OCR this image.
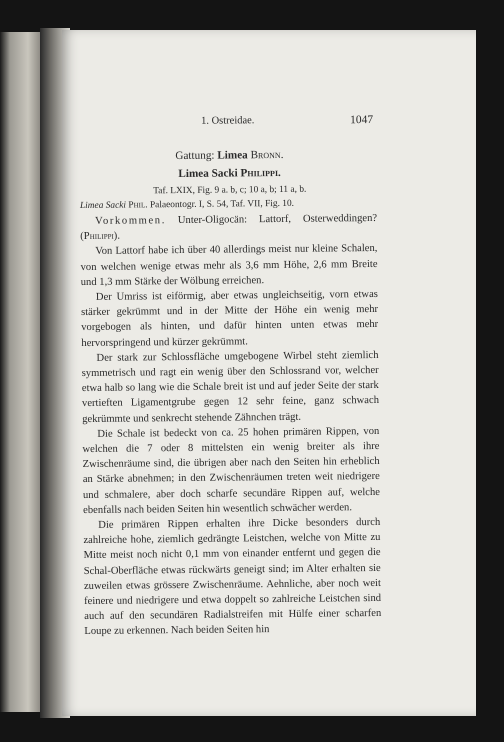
1. Ostreidae.	1047
Gattung: Limea Bronn.
Limea Sacki Philippi.
Taf. LXIX, Fig. 9 a. b, c; 10 a, b; 11 a, b.
Limea Sacki Phil. Palaeontogr. I, S. 54, Taf. VII, Fig. 10.

Vorkommen. Unter-Oligocän: Lattorf, Osterweddingen? (Philippi).

Von Lattorf habe ich über 40 allerdings meist nur kleine Schalen, von welchen wenige etwas mehr als 3,6 mm Höhe, 2,6 mm Breite und 1,3 mm Stärke der Wölbung erreichen.

Der Umriss ist eiförmig, aber etwas ungleichseitig, vorn etwas stärker gekrümmt und in der Mitte der Höhe ein wenig mehr vorgebogen als hinten, und dafür hinten unten etwas mehr hervorspringend und kürzer gekrümmt.

Der stark zur Schlossfläche umgebogene Wirbel steht ziemlich symmetrisch und ragt ein wenig über den Schlossrand vor, welcher etwa halb so lang wie die Schale breit ist und auf jeder Seite der stark vertieften Ligamentgrube gegen 12 sehr feine, ganz schwach gekrümmte und senkrecht stehende Zähnchen trägt.

Die Schale ist bedeckt von ca. 25 hohen primären Rippen, von welchen die 7 oder 8 mittelsten ein wenig breiter als ihre Zwischenräume sind, die übrigen aber nach den Seiten hin erheblich an Stärke abnehmen; in den Zwischenräumen treten weit niedrigere und schmalere, aber doch scharfe secundäre Rippen auf, welche ebenfalls nach beiden Seiten hin wesentlich schwächer werden.

Die primären Rippen erhalten ihre Dicke besonders durch zahlreiche hohe, ziemlich gedrängte Leistchen, welche von Mitte zu Mitte meist noch nicht 0,1 mm von einander entfernt und gegen die Schal-Oberfläche etwas rückwärts geneigt sind; im Alter erhalten sie zuweilen etwas grössere Zwischenräume. Aehnliche, aber noch weit feinere und niedrigere und etwa doppelt so zahlreiche Leistchen sind auch auf den secundären Radialstreifen mit Hülfe einer scharfen Loupe zu erkennen. Nach beiden Seiten hin
